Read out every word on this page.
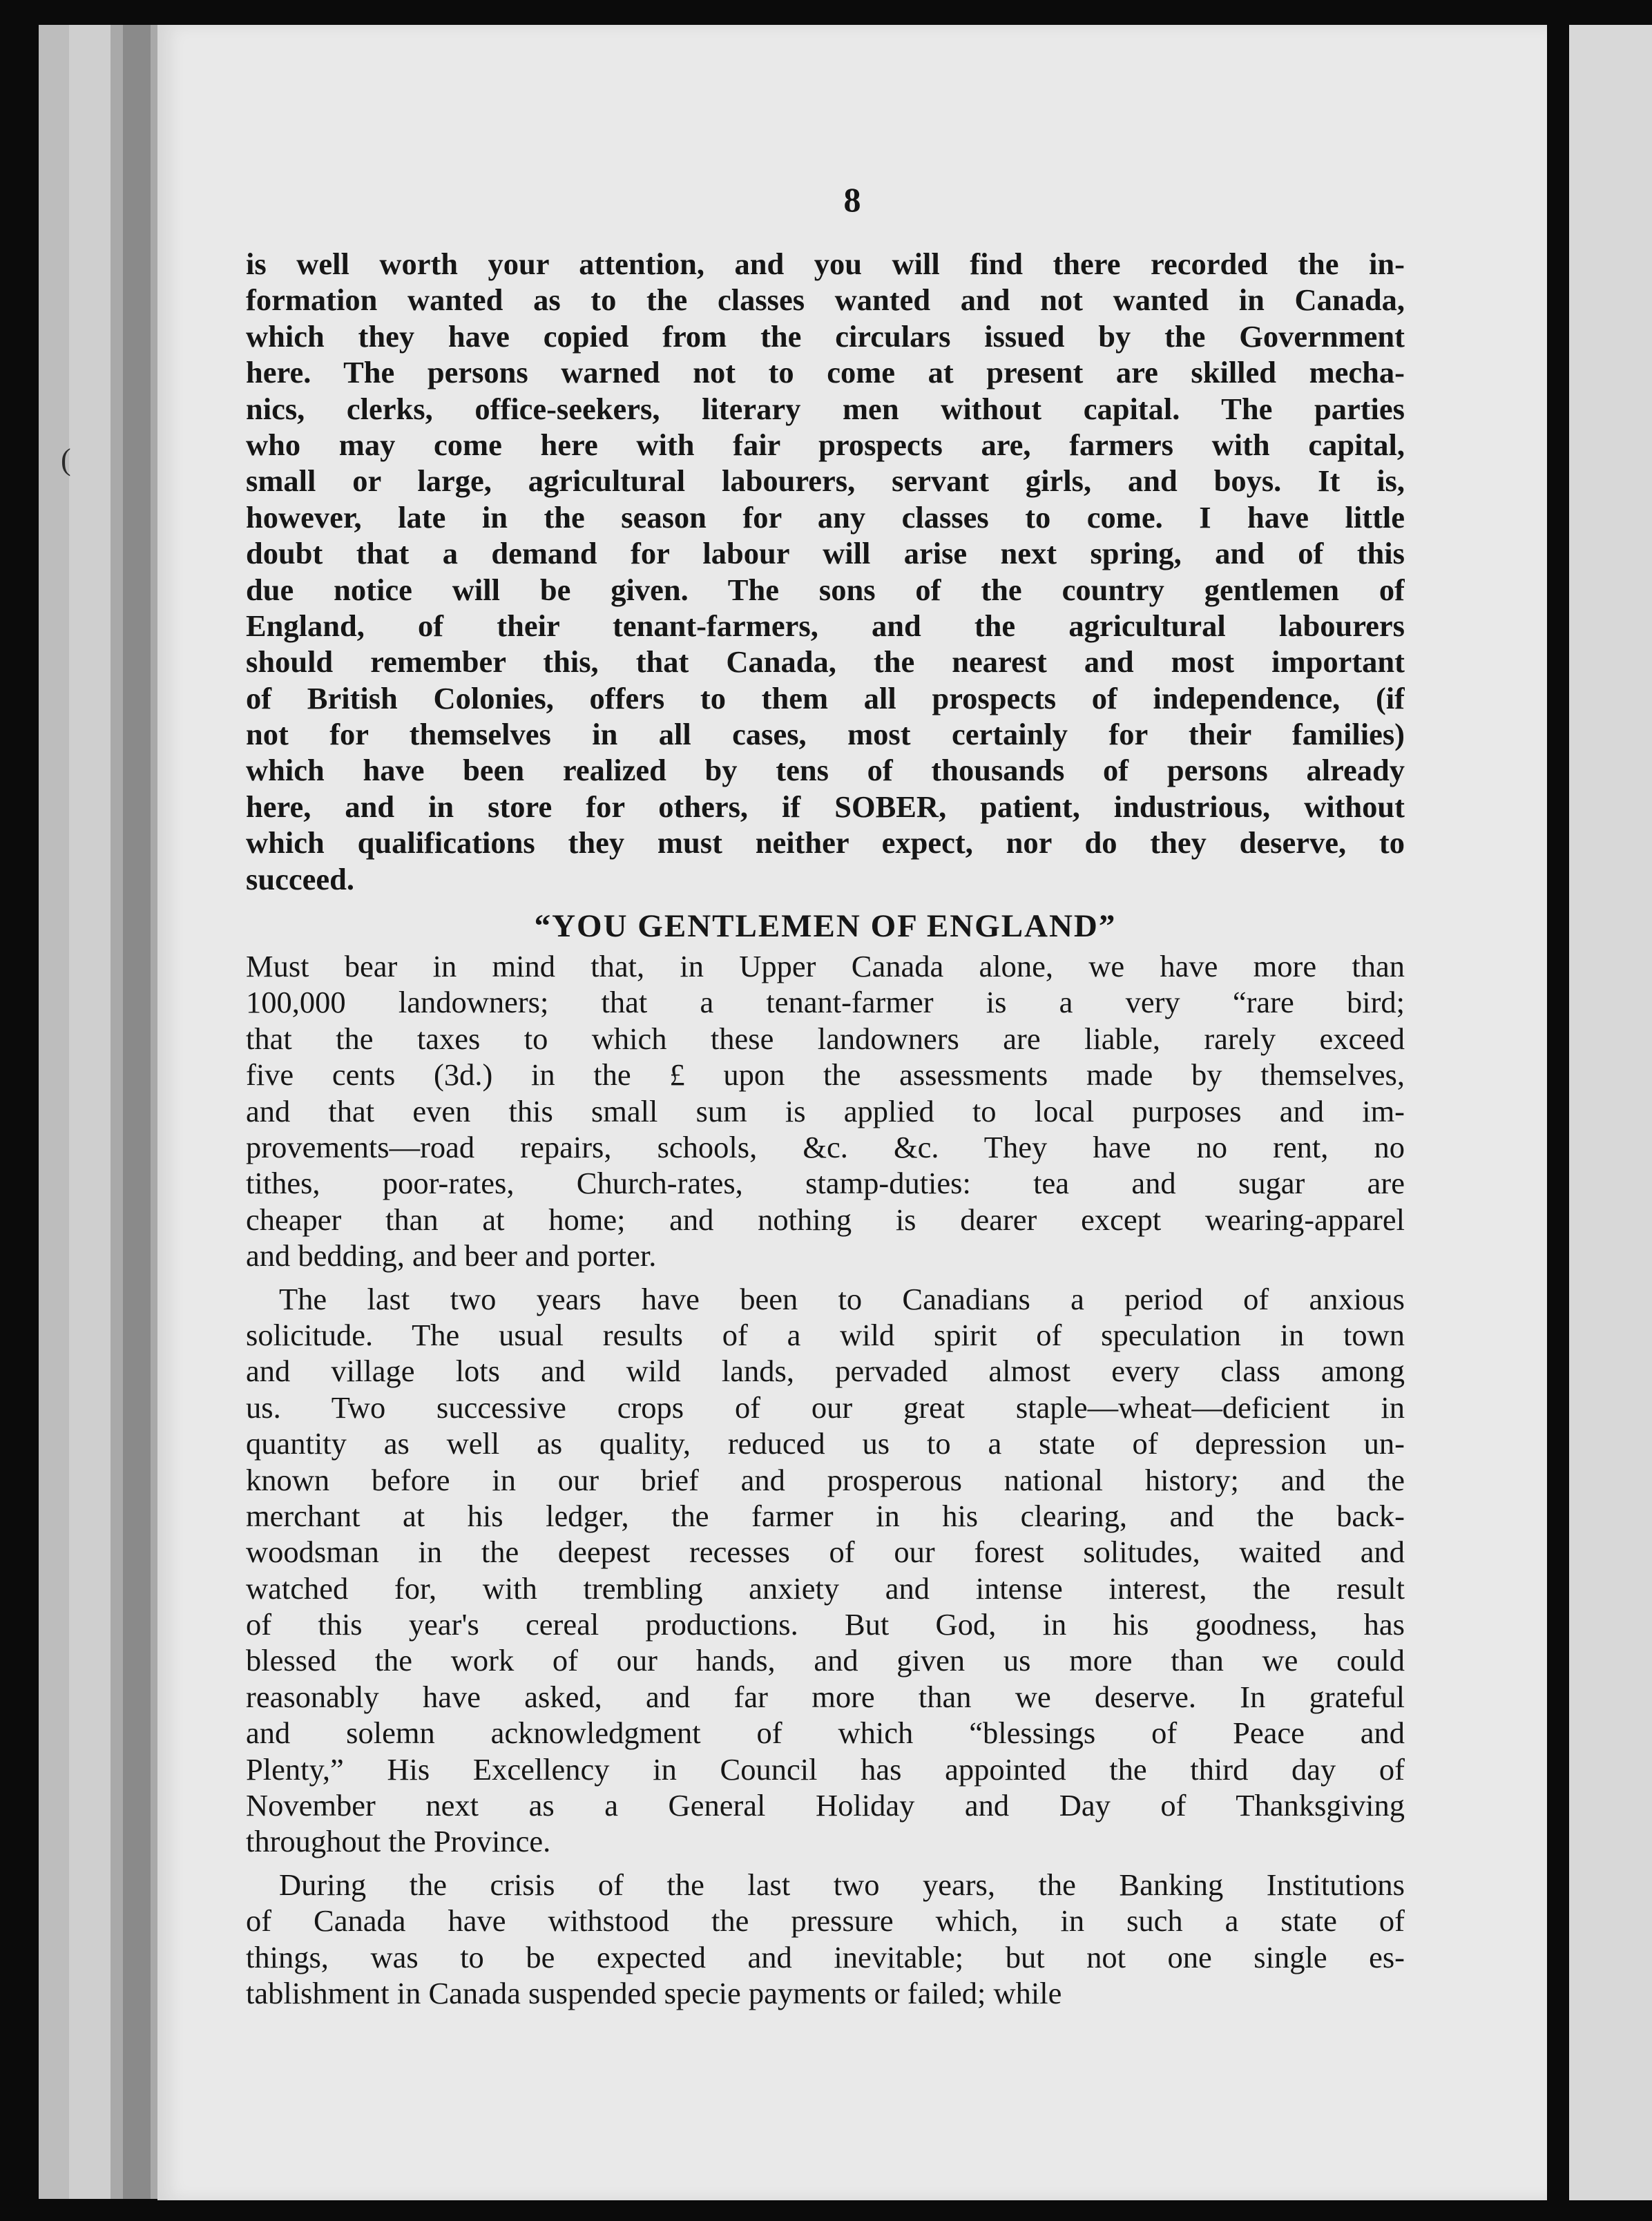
(
8
is well worth your attention, and you will find there recorded the in-
formation wanted as to the classes wanted and not wanted in Canada,
which they have copied from the circulars issued by the Government
here. The persons warned not to come at present are skilled mecha-
nics, clerks, office-seekers, literary men without capital. The parties
who may come here with fair prospects are, farmers with capital,
small or large, agricultural labourers, servant girls, and boys. It is,
however, late in the season for any classes to come. I have little
doubt that a demand for labour will arise next spring, and of this
due notice will be given. The sons of the country gentlemen of
England, of their tenant-farmers, and the agricultural labourers
should remember this, that Canada, the nearest and most important
of British Colonies, offers to them all prospects of independence, (if
not for themselves in all cases, most certainly for their families)
which have been realized by tens of thousands of persons already
here, and in store for others, if SOBER, patient, industrious, without
which qualifications they must neither expect, nor do they deserve, to
succeed.
“YOU GENTLEMEN OF ENGLAND”
Must bear in mind that, in Upper Canada alone, we have more than
100,000 landowners; that a tenant-farmer is a very “rare bird;
that the taxes to which these landowners are liable, rarely exceed
five cents (3d.) in the £ upon the assessments made by themselves,
and that even this small sum is applied to local purposes and im-
provements—road repairs, schools, &c. &c. They have no rent, no
tithes, poor-rates, Church-rates, stamp-duties: tea and sugar are
cheaper than at home; and nothing is dearer except wearing-apparel
and bedding, and beer and porter.
The last two years have been to Canadians a period of anxious
solicitude. The usual results of a wild spirit of speculation in town
and village lots and wild lands, pervaded almost every class among
us. Two successive crops of our great staple—wheat—deficient in
quantity as well as quality, reduced us to a state of depression un-
known before in our brief and prosperous national history; and the
merchant at his ledger, the farmer in his clearing, and the back-
woodsman in the deepest recesses of our forest solitudes, waited and
watched for, with trembling anxiety and intense interest, the result
of this year's cereal productions. But God, in his goodness, has
blessed the work of our hands, and given us more than we could
reasonably have asked, and far more than we deserve. In grateful
and solemn acknowledgment of which “blessings of Peace and
Plenty,” His Excellency in Council has appointed the third day of
November next as a General Holiday and Day of Thanksgiving
throughout the Province.
During the crisis of the last two years, the Banking Institutions
of Canada have withstood the pressure which, in such a state of
things, was to be expected and inevitable; but not one single es-
tablishment in Canada suspended specie payments or failed; while
